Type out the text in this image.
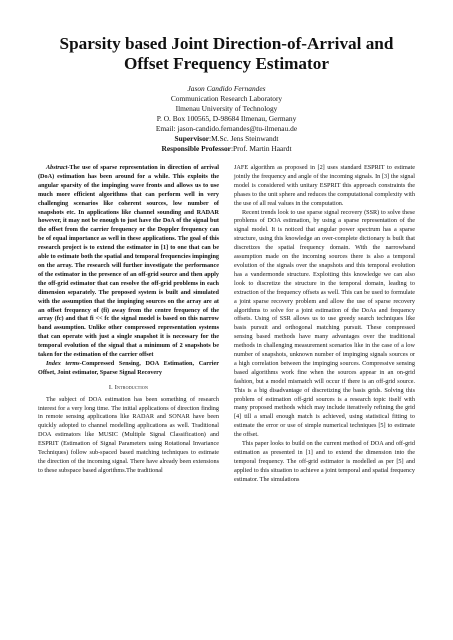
Sparsity based Joint Direction-of-Arrival and Offset Frequency Estimator
Jason Candido Fernandes
Communication Research Laboratory
Ilmenau University of Technology
P. O. Box 100565, D-98684 Ilmenau, Germany
Email: jason-candido.fernandes@tu-ilmenau.de
Supervisor:M.Sc. Jens Steinwandt
Responsible Professor:Prof. Martin Haardt

Abstract-The use of sparse representation in direction of arrival (DoA) estimation has been around for a while. This exploits the angular sparsity of the impinging wave fronts and allows us to use much more efficient algorithms that can perform well in very challenging scenarios like coherent sources, low number of snapshots etc. In applications like channel sounding and RADAR however, it may not be enough to just have the DoA of the signal but the offset from the carrier frequency or the Doppler frequency can be of equal importance as well in these applications. The goal of this research project is to extend the estimator in [1] to one that can be able to estimate both the spatial and temporal frequencies impinging on the array. The research will further investigate the performance of the estimator in the presence of an off-grid source and then apply the off-grid estimator that can resolve the off-grid problems in each dimension separately. The proposed system is built and simulated with the assumption that the impinging sources on the array are at an offset frequency of (fi) away from the centre frequency of the array (fc) and that fi << fc the signal model is based on this narrow band assumption. Unlike other compressed representation systems that can operate with just a single snapshot it is necessary for the temporal evolution of the signal that a minimum of 2 snapshots be taken for the estimation of the carrier offset

Index terms-Compressed Sensing, DOA Estimation, Carrier Offset, Joint estimator, Sparse Signal Recovery

I. Introduction

The subject of DOA estimation has been something of research interest for a very long time. The initial applications of direction finding in remote sensing applications like RADAR and SONAR have been quickly adopted to channel modelling applications as well. Traditional DOA estimators like MUSIC (Multiple Signal Classification) and ESPRIT (Estimation of Signal Parameters using Rotational Invariance Techniques) follow sub-spaced based matching techniques to estimate the direction of the incoming signal. There have already been extensions to these subspace based algorithms.The traditional

JAFE algorithm as proposed in [2] uses standard ESPRIT to estimate jointly the frequency and angle of the incoming signals. In [3] the signal model is considered with unitary ESPRIT this approach constraints the phases to the unit sphere and reduces the computational complexity with the use of all real values in the computation.

Recent trends look to use sparse signal recovery (SSR) to solve these problems of DOA estimation, by using a sparse representation of the signal model. It is noticed that angular power spectrum has a sparse structure, using this knowledge an over-complete dictionary is built that discretizes the spatial frequency domain. With the narrowband assumption made on the incoming sources there is also a temporal evolution of the signals over the snapshots and this temporal evolution has a vandermonde structure. Exploiting this knowledge we can also look to discretize the structure in the temporal domain, leading to extraction of the frequency offsets as well. This can be used to formulate a joint sparse recovery problem and allow the use of sparse recovery algorithms to solve for a joint estimation of the DoAs and frequency offsets. Using of SSR allows us to use greedy search techniques like basis pursuit and orthogonal matching pursuit. These compressed sensing based methods have many advantages over the traditional methods in challenging measurement scenarios like in the case of a low number of snapshots, unknown number of impinging signals sources or a high correlation between the impinging sources. Compressive sensing based algorithms work fine when the sources appear in an on-grid fashion, but a model mismatch will occur if there is an off-grid source. This is a big disadvantage of discretizing the basis grids. Solving this problem of estimation off-grid sources is a research topic itself with many proposed methods which may include iteratively refining the grid [4] till a small enough match is achieved, using statistical fitting to estimate the error or use of simple numerical techniques [5] to estimate the offset.

This paper looks to build on the current method of DOA and off-grid estimation as presented in [1] and to extend the dimension into the temporal frequency. The off-grid estimator is modelled as per [5] and applied to this situation to achieve a joint temporal and spatial frequency estimator. The simulations
